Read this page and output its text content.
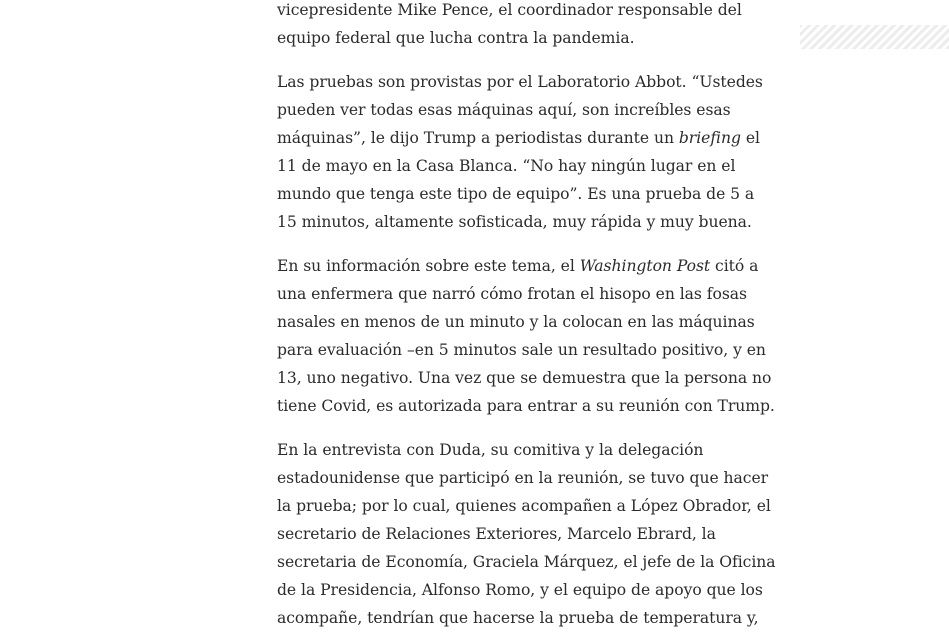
vicepresidente Mike Pence, el coordinador responsable del equipo federal que lucha contra la pandemia.

Las pruebas son provistas por el Laboratorio Abbot. “Ustedes pueden ver todas esas máquinas aquí, son increíbles esas máquinas”, le dijo Trump a periodistas durante un briefing el 11 de mayo en la Casa Blanca. “No hay ningún lugar en el mundo que tenga este tipo de equipo”. Es una prueba de 5 a 15 minutos, altamente sofisticada, muy rápida y muy buena.

En su información sobre este tema, el Washington Post citó a una enfermera que narró cómo frotan el hisopo en las fosas nasales en menos de un minuto y la colocan en las máquinas para evaluación –en 5 minutos sale un resultado positivo, y en 13, uno negativo. Una vez que se demuestra que la persona no tiene Covid, es autorizada para entrar a su reunión con Trump.

En la entrevista con Duda, su comitiva y la delegación estadounidense que participó en la reunión, se tuvo que hacer la prueba; por lo cual, quienes acompañen a López Obrador, el secretario de Relaciones Exteriores, Marcelo Ebrard, la secretaria de Economía, Graciela Márquez, el jefe de la Oficina de la Presidencia, Alfonso Romo, y el equipo de apoyo que los acompañe, tendrían que hacerse la prueba de temperatura y,
